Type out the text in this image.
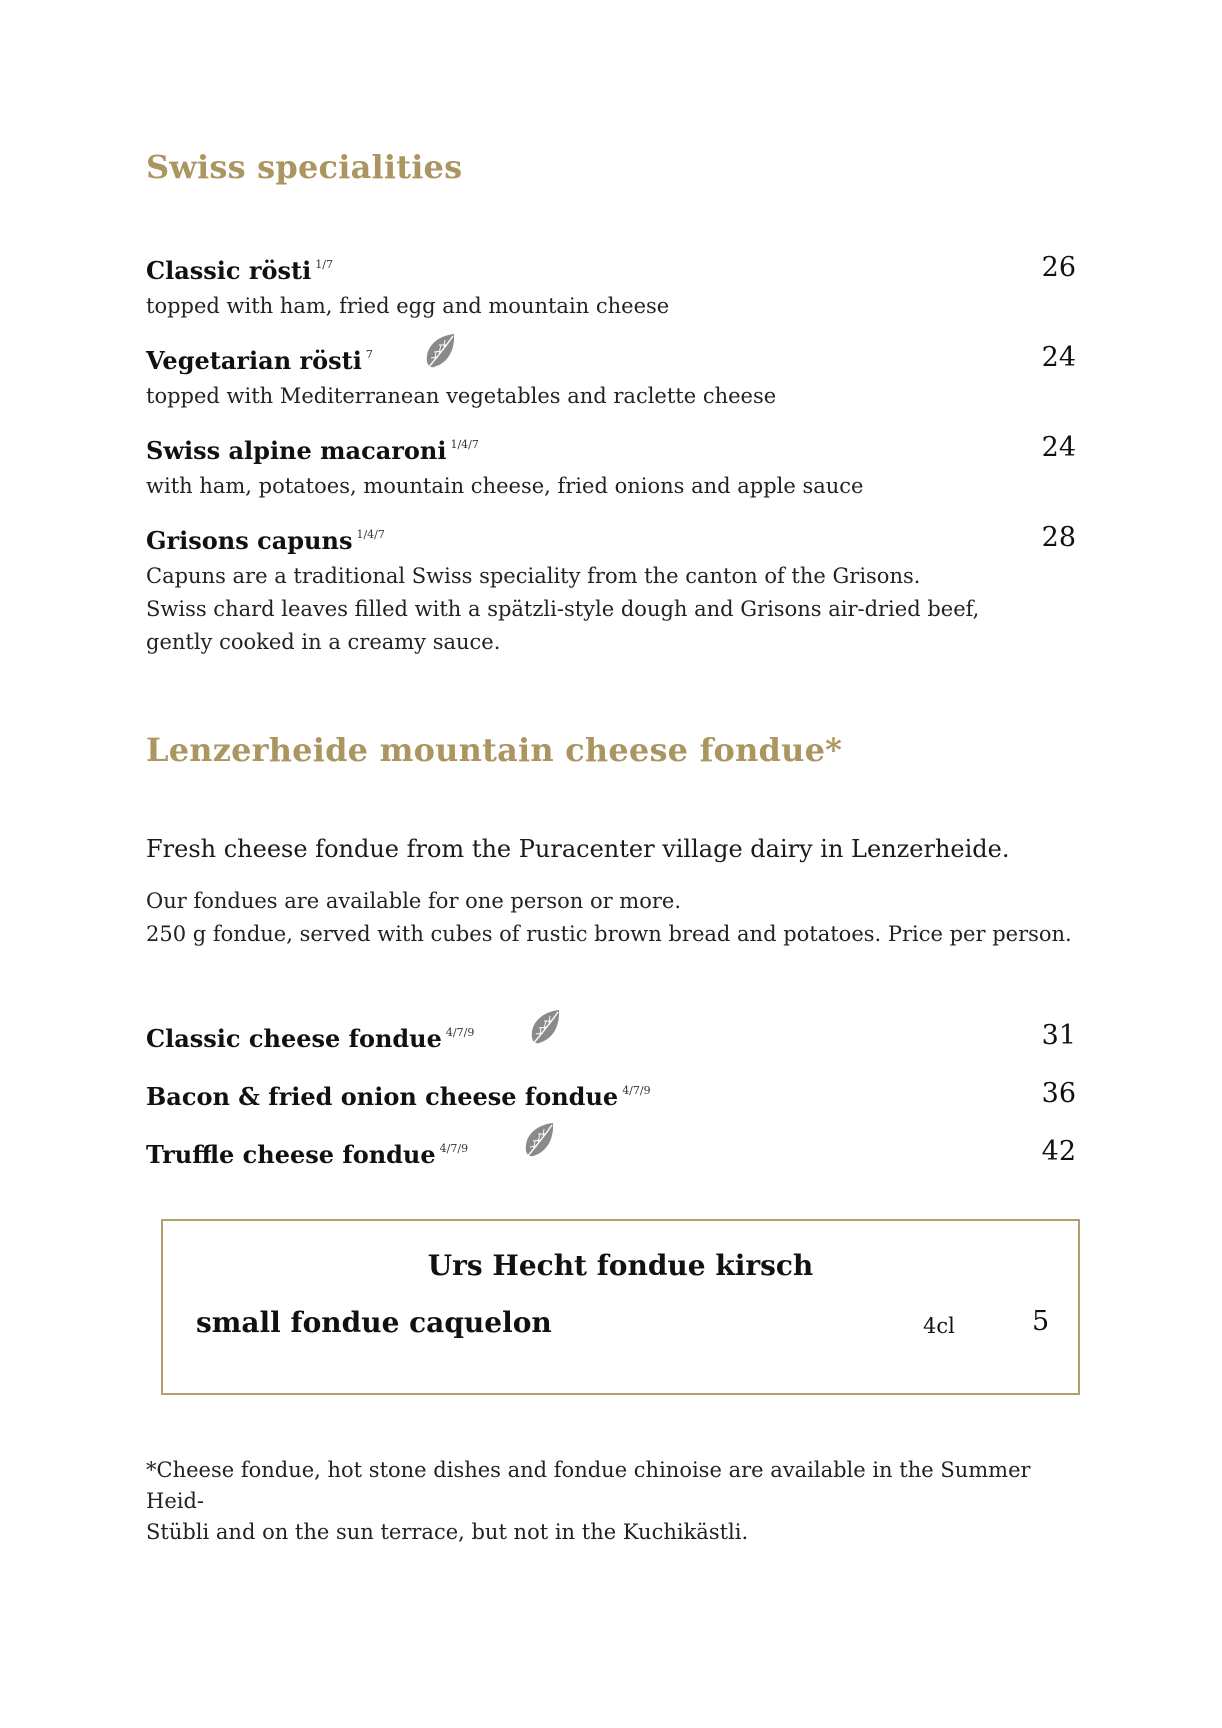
Swiss specialities
Classic rösti $^{1/7}$	26
topped with ham, fried egg and mountain cheese
Vegetarian rösti $^7$	24
topped with Mediterranean vegetables and raclette cheese
Swiss alpine macaroni $^{1/4/7}$	24
with ham, potatoes, mountain cheese, fried onions and apple sauce
Grisons capuns $^{1/4/7}$	28
Capuns are a traditional Swiss speciality from the canton of the Grisons.
Swiss chard leaves filled with a spätzli-style dough and Grisons air-dried beef,
gently cooked in a creamy sauce.
Lenzerheide mountain cheese fondue*
Fresh cheese fondue from the Puracenter village dairy in Lenzerheide.
Our fondues are available for one person or more.
250 g fondue, served with cubes of rustic brown bread and potatoes. Price per person.
Classic cheese fondue $^{4/7/9}$	31
Bacon & fried onion cheese fondue $^{4/7/9}$	36
Truffle cheese fondue $^{4/7/9}$	42
Urs Hecht fondue kirsch
small fondue caquelon	4cl	5
*Cheese fondue, hot stone dishes and fondue chinoise are available in the Summer Heid-
Stübli and on the sun terrace, but not in the Kuchikästli.
